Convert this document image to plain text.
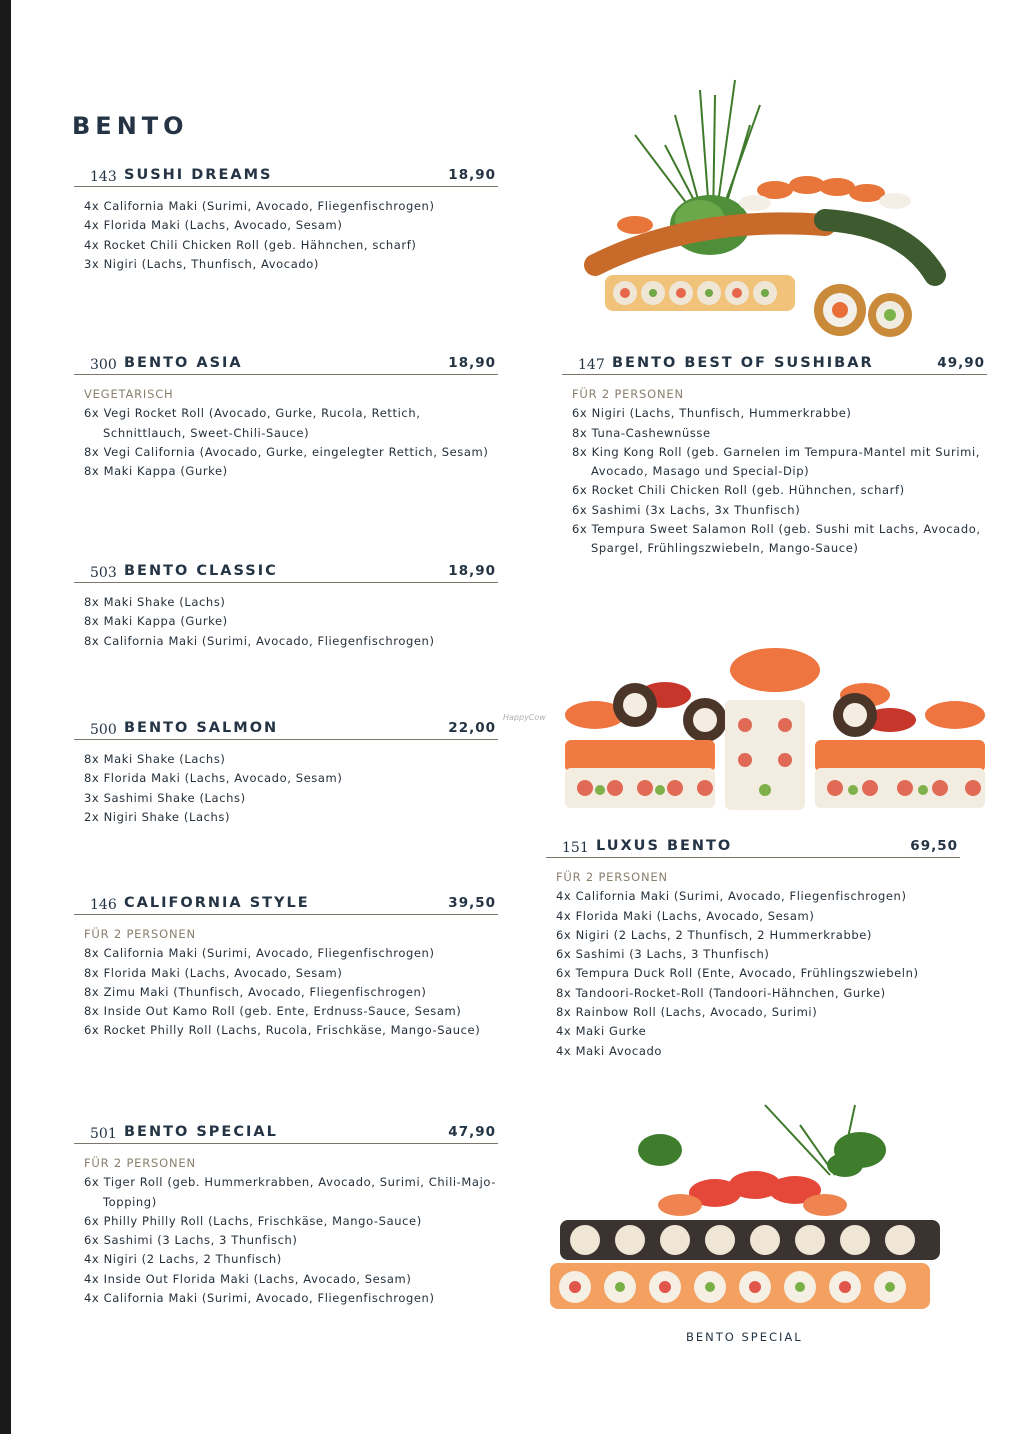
BENTO
BENTO SPECIAL
HappyCow
143 SUSHI DREAMS	18,90
4x California Maki (Surimi, Avocado, Fliegenfischrogen)
4x Florida Maki (Lachs, Avocado, Sesam)
4x Rocket Chili Chicken Roll (geb. Hähnchen, scharf)
3x Nigiri (Lachs, Thunfisch, Avocado)
300 BENTO ASIA	18,90
VEGETARISCH
6x Vegi Rocket Roll (Avocado, Gurke, Rucola, Rettich, Schnittlauch, Sweet-Chili-Sauce)
8x Vegi California (Avocado, Gurke, eingelegter Rettich, Sesam)
8x Maki Kappa (Gurke)
503 BENTO CLASSIC	18,90
8x Maki Shake (Lachs)
8x Maki Kappa (Gurke)
8x California Maki (Surimi, Avocado, Fliegenfischrogen)
500 BENTO SALMON	22,00
8x Maki Shake (Lachs)
8x Florida Maki (Lachs, Avocado, Sesam)
3x Sashimi Shake (Lachs)
2x Nigiri Shake (Lachs)
146 CALIFORNIA STYLE	39,50
FÜR 2 PERSONEN
8x California Maki (Surimi, Avocado, Fliegenfischrogen)
8x Florida Maki (Lachs, Avocado, Sesam)
8x Zimu Maki (Thunfisch, Avocado, Fliegenfischrogen)
8x Inside Out Kamo Roll (geb. Ente, Erdnuss-Sauce, Sesam)
6x Rocket Philly Roll (Lachs, Rucola, Frischkäse, Mango-Sauce)
501 BENTO SPECIAL	47,90
FÜR 2 PERSONEN
6x Tiger Roll (geb. Hummerkrabben, Avocado, Surimi, Chili-Majo-Topping)
6x Philly Philly Roll (Lachs, Frischkäse, Mango-Sauce)
6x Sashimi (3 Lachs, 3 Thunfisch)
4x Nigiri (2 Lachs, 2 Thunfisch)
4x Inside Out Florida Maki (Lachs, Avocado, Sesam)
4x California Maki (Surimi, Avocado, Fliegenfischrogen)
147 BENTO BEST OF SUSHIBAR	49,90
FÜR 2 PERSONEN
6x Nigiri (Lachs, Thunfisch, Hummerkrabbe)
8x Tuna-Cashewnüsse
8x King Kong Roll (geb. Garnelen im Tempura-Mantel mit Surimi, Avocado, Masago und Special-Dip)
6x Rocket Chili Chicken Roll (geb. Hühnchen, scharf)
6x Sashimi (3x Lachs, 3x Thunfisch)
6x Tempura Sweet Salamon Roll (geb. Sushi mit Lachs, Avocado, Spargel, Frühlingszwiebeln, Mango-Sauce)
151 LUXUS BENTO	69,50
FÜR 2 PERSONEN
4x California Maki (Surimi, Avocado, Fliegenfischrogen)
4x Florida Maki (Lachs, Avocado, Sesam)
6x Nigiri (2 Lachs, 2 Thunfisch, 2 Hummerkrabbe)
6x Sashimi (3 Lachs, 3 Thunfisch)
6x Tempura Duck Roll (Ente, Avocado, Frühlingszwiebeln)
8x Tandoori-Rocket-Roll (Tandoori-Hähnchen, Gurke)
8x Rainbow Roll (Lachs, Avocado, Surimi)
4x Maki Gurke
4x Maki Avocado
